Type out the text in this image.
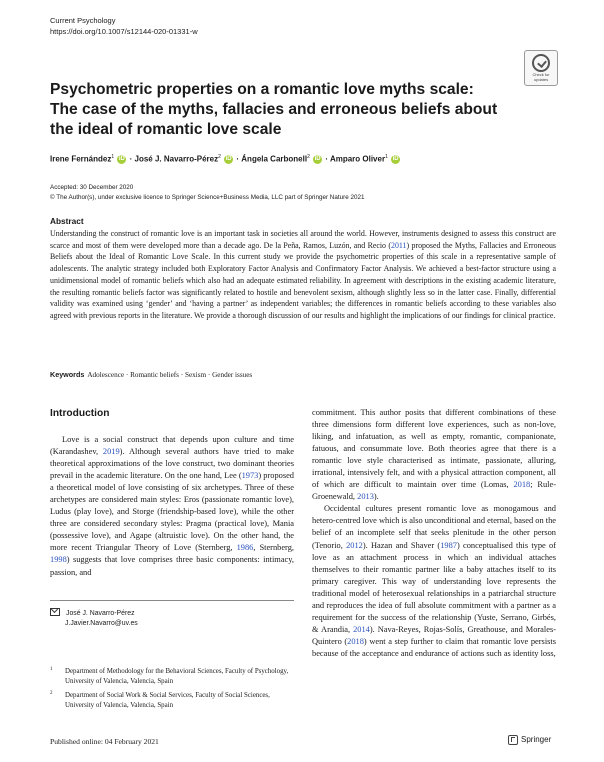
Current Psychology
https://doi.org/10.1007/s12144-020-01331-w
Check for updates
Psychometric properties on a romantic love myths scale: The case of the myths, fallacies and erroneous beliefs about the ideal of romantic love scale
Irene Fernández$^1$ iD · José J. Navarro-Pérez$^2$ iD · Ángela Carbonell$^2$ iD · Amparo Oliver$^1$ iD
Accepted: 30 December 2020
© The Author(s), under exclusive licence to Springer Science+Business Media, LLC part of Springer Nature 2021
Abstract
Understanding the construct of romantic love is an important task in societies all around the world. However, instruments designed to assess this construct are scarce and most of them were developed more than a decade ago. De la Peña, Ramos, Luzón, and Recio (2011) proposed the Myths, Fallacies and Erroneous Beliefs about the Ideal of Romantic Love Scale. In this current study we provide the psychometric properties of this scale in a representative sample of adolescents. The analytic strategy included both Exploratory Factor Analysis and Confirmatory Factor Analysis. We achieved a best-factor structure using a unidimensional model of romantic beliefs which also had an adequate estimated reliability. In agreement with descriptions in the existing academic literature, the resulting romantic beliefs factor was significantly related to hostile and benevolent sexism, although slightly less so in the latter case. Finally, differential validity was examined using ‘gender’ and ‘having a partner’ as independent variables; the differences in romantic beliefs according to these variables also agreed with previous reports in the literature. We provide a thorough discussion of our results and highlight the implications of our findings for clinical practice.
Keywords Adolescence · Romantic beliefs · Sexism · Gender issues
Introduction

Love is a social construct that depends upon culture and time (Karandashev, 2019). Although several authors have tried to make theoretical approximations of the love construct, two dominant theories prevail in the academic literature. On the one hand, Lee (1973) proposed a theoretical model of love consisting of six archetypes. Three of these archetypes are considered main styles: Eros (passionate romantic love), Ludus (play love), and Storge (friendship-based love), while the other three are considered secondary styles: Pragma (practical love), Mania (possessive love), and Agape (altruistic love). On the other hand, the more recent Triangular Theory of Love (Sternberg, 1986, Sternberg, 1998) suggests that love comprises three basic components: intimacy, passion, and

commitment. This author posits that different combinations of these three dimensions form different love experiences, such as non-love, liking, and infatuation, as well as empty, romantic, companionate, fatuous, and consummate love. Both theories agree that there is a romantic love style characterised as intimate, passionate, alluring, irrational, intensively felt, and with a physical attraction component, all of which are difficult to maintain over time (Lomas, 2018; Rule-Groenewald, 2013).

Occidental cultures present romantic love as monogamous and hetero-centred love which is also unconditional and eternal, based on the belief of an incomplete self that seeks plenitude in the other person (Tenorio, 2012). Hazan and Shaver (1987) conceptualised this type of love as an attachment process in which an individual attaches themselves to their romantic partner like a baby attaches itself to its primary caregiver. This way of understanding love represents the traditional model of heterosexual relationships in a patriarchal structure and reproduces the idea of full absolute commitment with a partner as a requirement for the success of the relationship (Yuste, Serrano, Girbés, & Arandia, 2014). Nava-Reyes, Rojas-Solís, Greathouse, and Morales-Quintero (2018) went a step further to claim that romantic love persists because of the acceptance and endurance of actions such as identity loss,

José J. Navarro-Pérez
J.Javier.Navarro@uv.es
1 Department of Methodology for the Behavioral Sciences, Faculty of Psychology, University of Valencia, Valencia, Spain
2 Department of Social Work & Social Services, Faculty of Social Sciences, University of Valencia, Valencia, Spain
Published online: 04 February 2021	Springer
